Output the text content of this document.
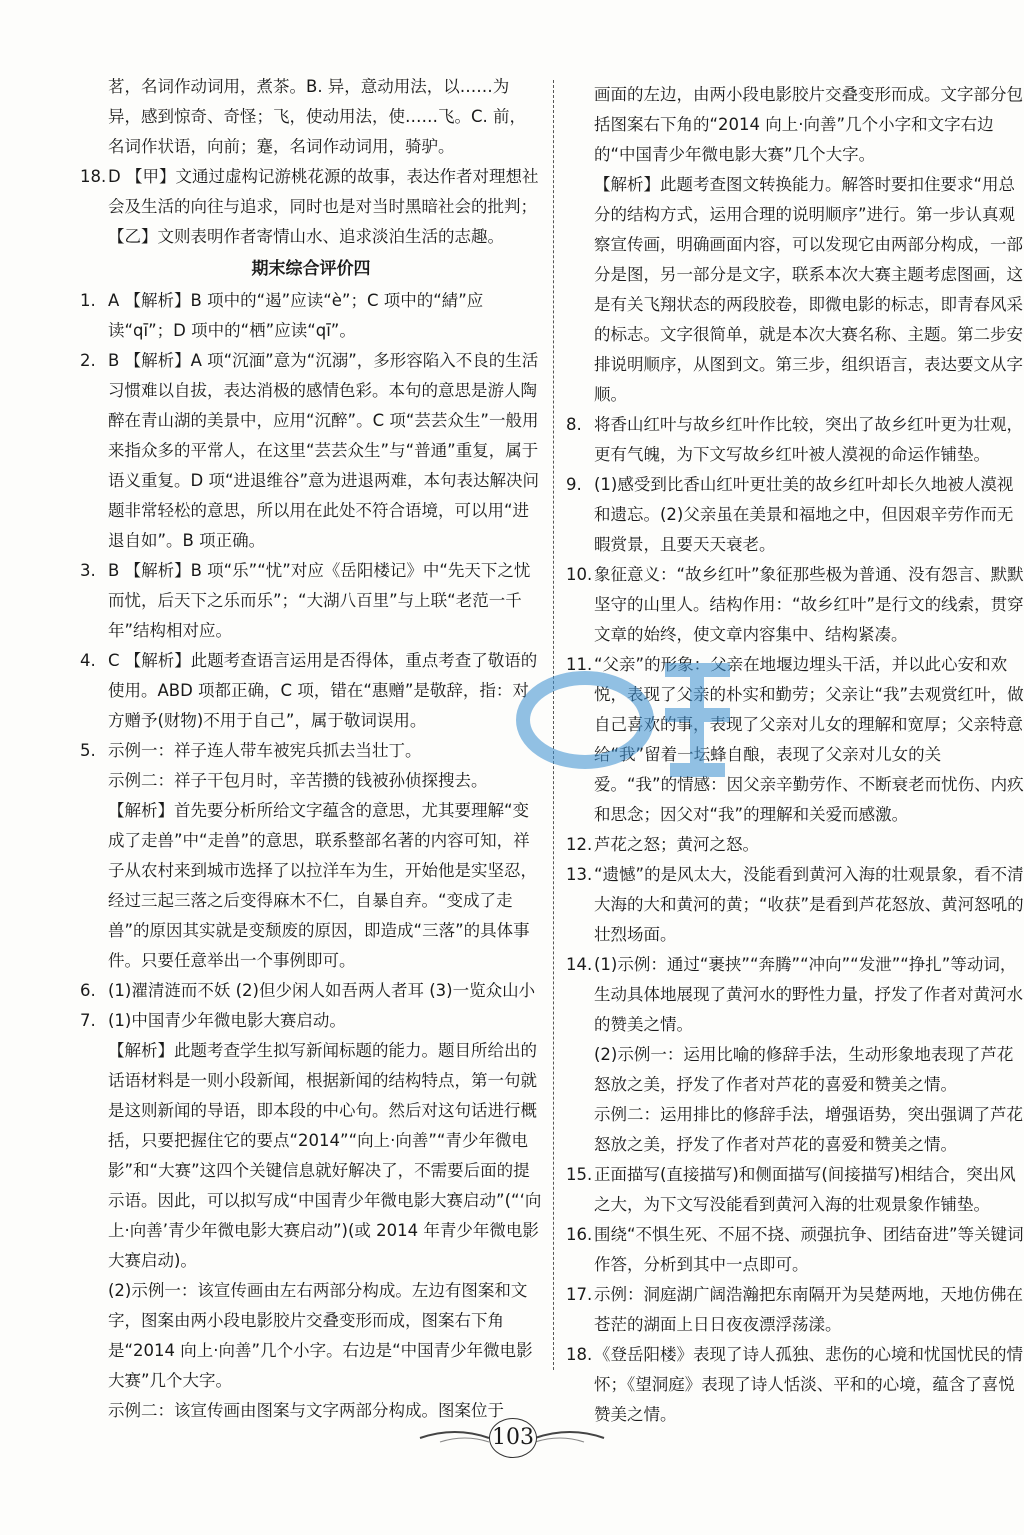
茗，名词作动词用，煮茶。B. 异，意动用法，以……为异，感到惊奇、奇怪；飞，使动用法，使……飞。C. 前，名词作状语，向前；蹇，名词作动词用，骑驴。

18. D 【甲】文通过虚构记游桃花源的故事，表达作者对理想社会及生活的向往与追求，同时也是对当时黑暗社会的批判；【乙】文则表明作者寄情山水、追求淡泊生活的志趣。
期末综合评价四
1. A 【解析】B 项中的“遏”应读“è”；C 项中的“綪”应读“qī”；D 项中的“栖”应读“qī”。
2. B 【解析】A 项“沉湎”意为“沉溺”，多形容陷入不良的生活习惯难以自拔，表达消极的感情色彩。本句的意思是游人陶醉在青山湖的美景中，应用“沉醉”。C 项“芸芸众生”一般用来指众多的平常人，在这里“芸芸众生”与“普通”重复，属于语义重复。D 项“进退维谷”意为进退两难，本句表达解决问题非常轻松的意思，所以用在此处不符合语境，可以用“进退自如”。B 项正确。
3. B 【解析】B 项“乐”“忧”对应《岳阳楼记》中“先天下之忧而忧，后天下之乐而乐”；“大湖八百里”与上联“老范一千年”结构相对应。
4. C 【解析】此题考查语言运用是否得体，重点考查了敬语的使用。ABD 项都正确，C 项，错在“惠赠”是敬辞，指：对方赠予(财物)不用于自己”，属于敬词误用。
5. 示例一：祥子连人带车被宪兵抓去当壮丁。

示例二：祥子干包月时，辛苦攒的钱被孙侦探搜去。

【解析】首先要分析所给文字蕴含的意思，尤其要理解“变成了走兽”中“走兽”的意思，联系整部名著的内容可知，祥子从农村来到城市选择了以拉洋车为生，开始他是实坚忍，经过三起三落之后变得麻木不仁，自暴自弃。“变成了走兽”的原因其实就是变颓废的原因，即造成“三落”的具体事件。只要任意举出一个事例即可。

6. (1)濯清涟而不妖 (2)但少闲人如吾两人者耳 (3)一览众山小
7. (1)中国青少年微电影大赛启动。

【解析】此题考查学生拟写新闻标题的能力。题目所给出的话语材料是一则小段新闻，根据新闻的结构特点，第一句就是这则新闻的导语，即本段的中心句。然后对这句话进行概括，只要把握住它的要点“2014”“向上·向善”“青少年微电影”和“大赛”这四个关键信息就好解决了，不需要后面的提示语。因此，可以拟写成“中国青少年微电影大赛启动”(“‘向上·向善’青少年微电影大赛启动”)(或 2014 年青少年微电影大赛启动)。

(2)示例一：该宣传画由左右两部分构成。左边有图案和文字，图案由两小段电影胶片交叠变形而成，图案右下角是“2014 向上·向善”几个小字。右边是“中国青少年微电影大赛”几个大字。

示例二：该宣传画由图案与文字两部分构成。图案位于

画面的左边，由两小段电影胶片交叠变形而成。文字部分包括图案右下角的“2014 向上·向善”几个小字和文字右边的“中国青少年微电影大赛”几个大字。

【解析】此题考查图文转换能力。解答时要扣住要求“用总分的结构方式，运用合理的说明顺序”进行。第一步认真观察宣传画，明确画面内容，可以发现它由两部分构成，一部分是图，另一部分是文字，联系本次大赛主题考虑图画，这是有关飞翔状态的两段胶卷，即微电影的标志，即青春风采的标志。文字很简单，就是本次大赛名称、主题。第二步安排说明顺序，从图到文。第三步，组织语言，表达要文从字顺。

8. 将香山红叶与故乡红叶作比较，突出了故乡红叶更为壮观，更有气魄，为下文写故乡红叶被人漠视的命运作铺垫。
9. (1)感受到比香山红叶更壮美的故乡红叶却长久地被人漠视和遗忘。(2)父亲虽在美景和福地之中，但因艰辛劳作而无暇赏景，且要天天衰老。
10. 象征意义：“故乡红叶”象征那些极为普通、没有怨言、默默坚守的山里人。结构作用：“故乡红叶”是行文的线索，贯穿文章的始终，使文章内容集中、结构紧凑。
11. “父亲”的形象：父亲在地堰边埋头干活，并以此心安和欢悦，表现了父亲的朴实和勤劳；父亲让“我”去观赏红叶，做自己喜欢的事，表现了父亲对儿女的理解和宽厚；父亲特意给“我”留着一坛蜂自酿，表现了父亲对儿女的关爱。“我”的情感：因父亲辛勤劳作、不断衰老而忧伤、内疚和思念；因父对“我”的理解和关爱而感激。
12. 芦花之怒；黄河之怒。
13. “遗憾”的是风太大，没能看到黄河入海的壮观景象，看不清大海的大和黄河的黄；“收获”是看到芦花怒放、黄河怒吼的壮烈场面。
14. (1)示例：通过“裹挟”“奔腾”“冲向”“发泄”“挣扎”等动词，生动具体地展现了黄河水的野性力量，抒发了作者对黄河水的赞美之情。

(2)示例一：运用比喻的修辞手法，生动形象地表现了芦花怒放之美，抒发了作者对芦花的喜爱和赞美之情。

示例二：运用排比的修辞手法，增强语势，突出强调了芦花怒放之美，抒发了作者对芦花的喜爱和赞美之情。

15. 正面描写(直接描写)和侧面描写(间接描写)相结合，突出风之大，为下文写没能看到黄河入海的壮观景象作铺垫。
16. 围绕“不惧生死、不屈不挠、顽强抗争、团结奋进”等关键词作答，分析到其中一点即可。
17. 示例：洞庭湖广阔浩瀚把东南隔开为吴楚两地，天地仿佛在苍茫的湖面上日日夜夜漂浮荡漾。
18. 《登岳阳楼》表现了诗人孤独、悲伤的心境和忧国忧民的情怀；《望洞庭》表现了诗人恬淡、平和的心境，蕴含了喜悦赞美之情。
103
